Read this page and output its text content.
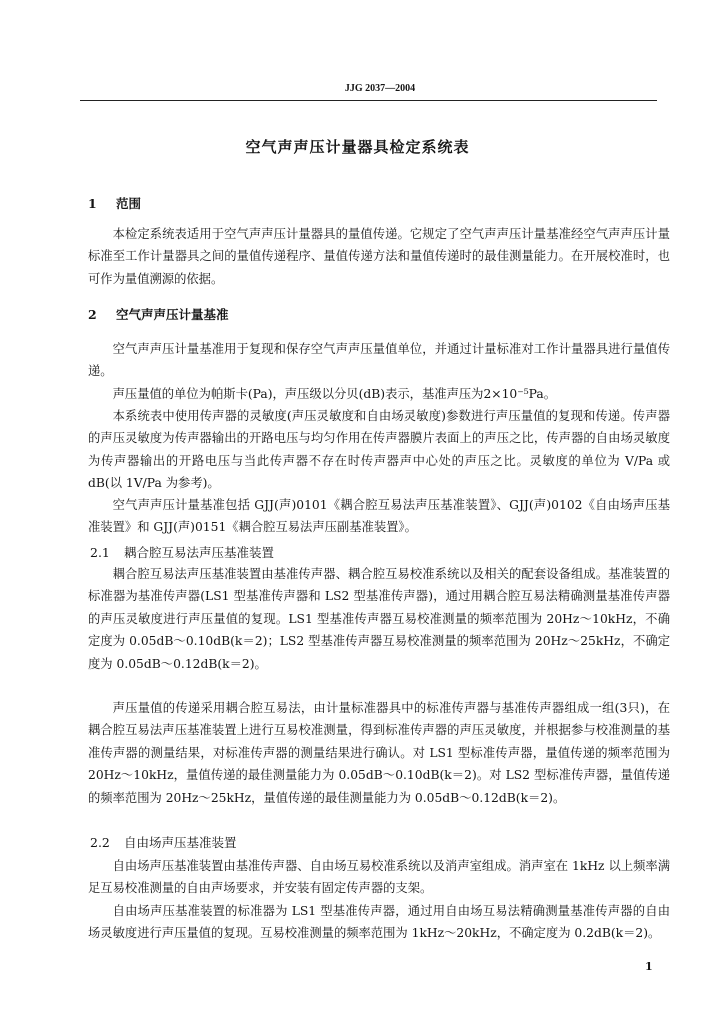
JJG 2037—2004
空气声声压计量器具检定系统表
1 范围

本检定系统表适用于空气声声压计量器具的量值传递。它规定了空气声声压计量基准经空气声声压计量标准至工作计量器具之间的量值传递程序、量值传递方法和量值传递时的最佳测量能力。在开展校准时，也可作为量值溯源的依据。

2 空气声声压计量基准

空气声声压计量基准用于复现和保存空气声声压量值单位，并通过计量标准对工作计量器具进行量值传递。

声压量值的单位为帕斯卡(Pa)，声压级以分贝(dB)表示，基准声压为2×10⁻⁵Pa。

本系统表中使用传声器的灵敏度(声压灵敏度和自由场灵敏度)参数进行声压量值的复现和传递。传声器的声压灵敏度为传声器输出的开路电压与均匀作用在传声器膜片表面上的声压之比，传声器的自由场灵敏度为传声器输出的开路电压与当此传声器不存在时传声器声中心处的声压之比。灵敏度的单位为 V/Pa 或 dB(以 1V/Pa 为参考)。

空气声声压计量基准包括 GJJ(声)0101《耦合腔互易法声压基准装置》、GJJ(声)0102《自由场声压基准装置》和 GJJ(声)0151《耦合腔互易法声压副基准装置》。

2.1 耦合腔互易法声压基准装置

耦合腔互易法声压基准装置由基准传声器、耦合腔互易校准系统以及相关的配套设备组成。基准装置的标准器为基准传声器(LS1 型基准传声器和 LS2 型基准传声器)，通过用耦合腔互易法精确测量基准传声器的声压灵敏度进行声压量值的复现。LS1 型基准传声器互易校准测量的频率范围为 20Hz～10kHz，不确定度为 0.05dB～0.10dB(k＝2)；LS2 型基准传声器互易校准测量的频率范围为 20Hz～25kHz，不确定度为 0.05dB～0.12dB(k＝2)。

声压量值的传递采用耦合腔互易法，由计量标准器具中的标准传声器与基准传声器组成一组(3只)，在耦合腔互易法声压基准装置上进行互易校准测量，得到标准传声器的声压灵敏度，并根据参与校准测量的基准传声器的测量结果，对标准传声器的测量结果进行确认。对 LS1 型标准传声器，量值传递的频率范围为 20Hz～10kHz，量值传递的最佳测量能力为 0.05dB～0.10dB(k＝2)。对 LS2 型标准传声器，量值传递的频率范围为 20Hz～25kHz，量值传递的最佳测量能力为 0.05dB～0.12dB(k＝2)。

2.2 自由场声压基准装置

自由场声压基准装置由基准传声器、自由场互易校准系统以及消声室组成。消声室在 1kHz 以上频率满足互易校准测量的自由声场要求，并安装有固定传声器的支架。

自由场声压基准装置的标准器为 LS1 型基准传声器，通过用自由场互易法精确测量基准传声器的自由场灵敏度进行声压量值的复现。互易校准测量的频率范围为 1kHz～20kHz，不确定度为 0.2dB(k＝2)。

1
